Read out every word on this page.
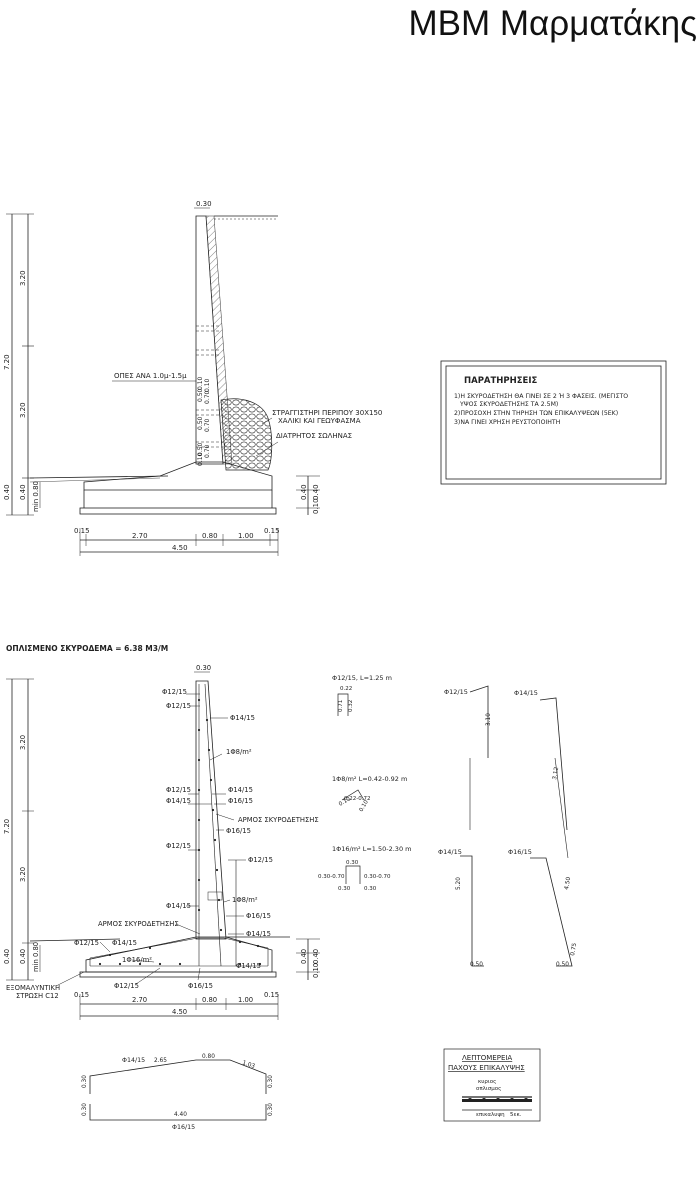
ΜΒΜ Μαρματάκης
0.30
7.20
3.20
3.20
0.40 0.40 min 0.80	0.40 0.40
0.10
0.15
2.70	0.80	1.00
0.15
4.50
ΟΠΕΣ ΑΝΑ 1.0μ-1.5μ
ΣΤΡΑΓΓΙΣΤΗΡΙ ΠΕΡΙΠΟΥ 30Χ150
ΧΑΛΙΚΙ ΚΑΙ ΓΕΩΥΦΑΣΜΑ
ΔΙΑΤΡΗΤΟΣ ΣΩΛΗΝΑΣ
0.10
0.50 0.70
0.10
0.50 0.70
0.10
0.50 0.70
ΠΑΡΑΤΗΡΗΣΕΙΣ
1)Η ΣΚΥΡΟΔΕΤΗΣΗ ΘΑ ΓΙΝΕΙ ΣΕ 2 Ή 3 ΦΑΣΕΙΣ. (ΜΕΓΙΣΤΟ
ΥΨΟΣ ΣΚΥΡΟΔΕΤΗΣΗΣ ΤΑ 2.5Μ)
2)ΠΡΟΣΟΧΗ ΣΤΗΝ ΤΗΡΗΣΗ ΤΩΝ ΕΠΙΚΑΛΥΨΕΩΝ (5ΕΚ)
3)ΝΑ ΓΙΝΕΙ ΧΡΗΣΗ ΡΕΥΣΤΟΠΟΙΗΤΗ
ΟΠΛΙΣΜΕΝΟ ΣΚΥΡΟΔΕΜΑ = 6.38 M3/M
0.30
7.20
3.20
3.20
0.40 0.40 min 0.80	0.40 0.40
0.10
0.15
2.70	0.80	1.00
0.15
4.50
Φ12/15
Φ12/15
Φ14/15
1Φ8/m²
Φ12/15
Φ14/15
Φ14/15
Φ16/15
ΑΡΜΟΣ ΣΚΥΡΟΔΕΤΗΣΗΣ
Φ16/15
Φ12/15
Φ12/15
1Φ8/m²
Φ14/15
Φ16/15
ΑΡΜΟΣ ΣΚΥΡΟΔΕΤΗΣΗΣ
Φ14/15
Φ12/15 Φ14/15
1Φ16/m²
Φ12/15	Φ16/15
Φ14/15
ΕΞΟΜΑΛΥΝΤΙΚΗ
ΣΤΡΩΣΗ C12
Φ12/15, L=1.25 m
0.22
0.71 0.32
1Φ8/m² L=0.42-0.92 m
0.22-0.72
0.10 0.10
1Φ16/m² L=1.50-2.30 m
0.30
0.30-0.70	0.30-0.70
0.30	0.30
Φ12/15
3.10
Φ14/15
3.12
Φ14/15
5.20
0.50
Φ16/15
4.50
0.50
0.75
Φ14/15 2.65
0.80
1.03
0.30	0.30
0.30	0.30
4.40
Φ16/15
ΛΕΠΤΟΜΕΡΕΙΑ
ΠΑΧΟΥΣ ΕΠΙΚΑΛΥΨΗΣ
κυριος
οπλισμος
επικαλυψη 5εκ.
